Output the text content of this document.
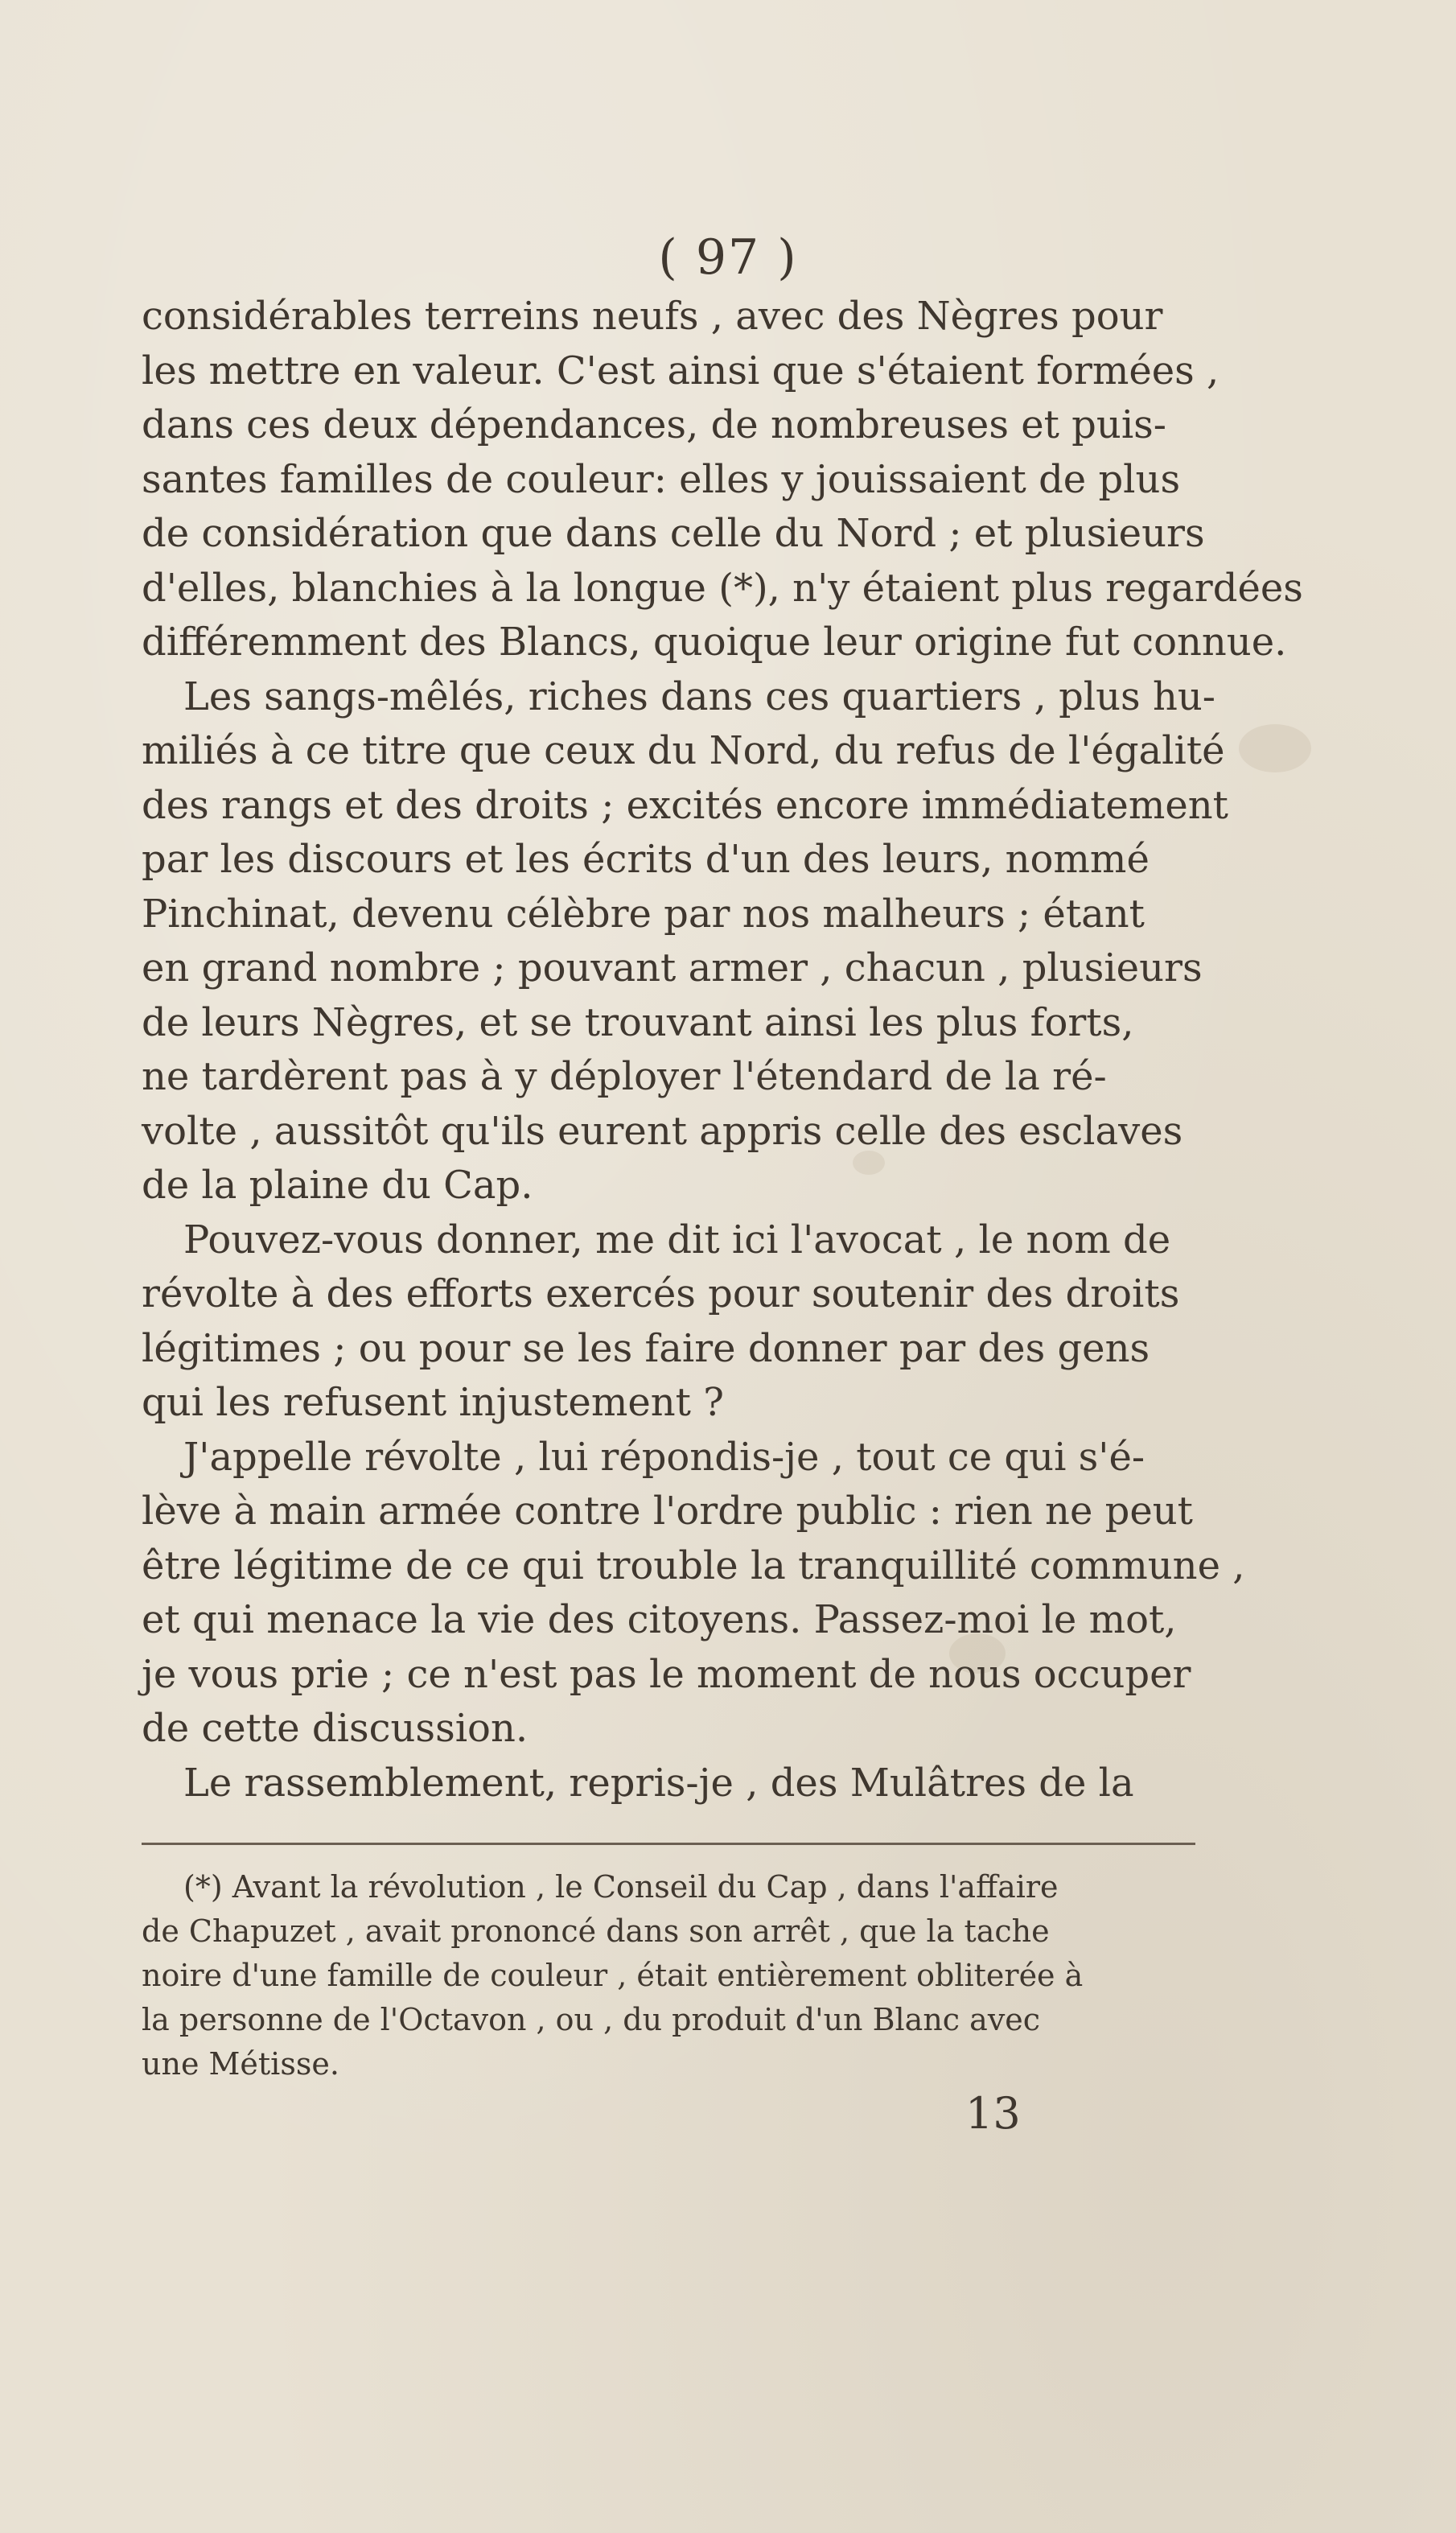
( 97 )
considérables terreins neufs , avec des Nègres pour
les mettre en valeur. C'est ainsi que s'étaient formées ,
dans ces deux dépendances, de nombreuses et puis-
santes familles de couleur: elles y jouissaient de plus
de considération que dans celle du Nord ; et plusieurs
d'elles, blanchies à la longue (*), n'y étaient plus regardées
différemment des Blancs, quoique leur origine fut connue.
Les sangs-mêlés, riches dans ces quartiers , plus hu-
miliés à ce titre que ceux du Nord, du refus de l'égalité
des rangs et des droits ; excités encore immédiatement
par les discours et les écrits d'un des leurs, nommé
Pinchinat, devenu célèbre par nos malheurs ; étant
en grand nombre ; pouvant armer , chacun , plusieurs
de leurs Nègres, et se trouvant ainsi les plus forts,
ne tardèrent pas à y déployer l'étendard de la ré-
volte , aussitôt qu'ils eurent appris celle des esclaves
de la plaine du Cap.
Pouvez-vous donner, me dit ici l'avocat , le nom de
révolte à des efforts exercés pour soutenir des droits
légitimes ; ou pour se les faire donner par des gens
qui les refusent injustement ?
J'appelle révolte , lui répondis-je , tout ce qui s'é-
lève à main armée contre l'ordre public : rien ne peut
être légitime de ce qui trouble la tranquillité commune ,
et qui menace la vie des citoyens. Passez-moi le mot,
je vous prie ; ce n'est pas le moment de nous occuper
de cette discussion.
Le rassemblement, repris-je , des Mulâtres de la
(*) Avant la révolution , le Conseil du Cap , dans l'affaire
de Chapuzet , avait prononcé dans son arrêt , que la tache
noire d'une famille de couleur , était entièrement obliterée à
la personne de l'Octavon , ou , du produit d'un Blanc avec
une Métisse.
13
